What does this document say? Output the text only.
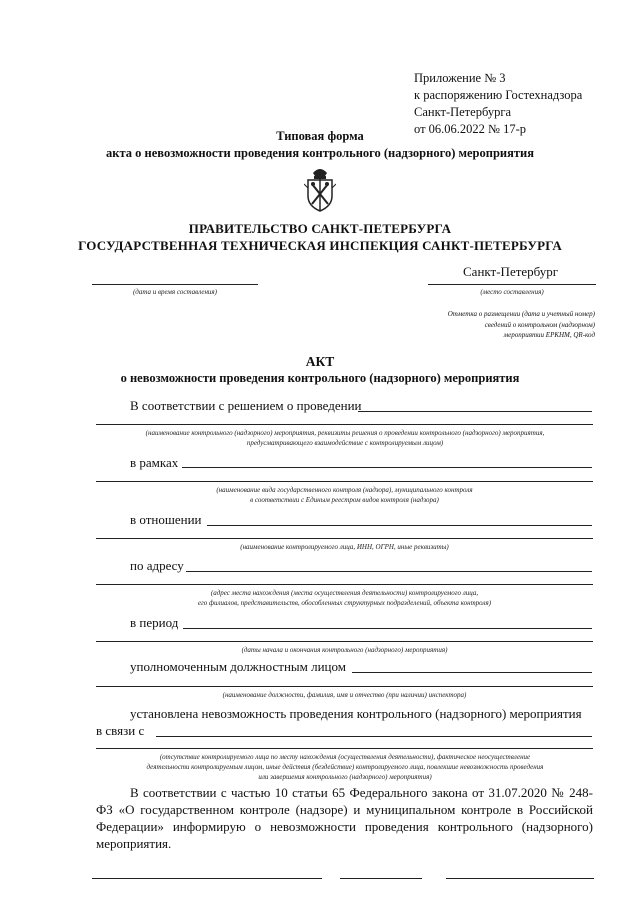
Приложение № 3
к распоряжению Гостехнадзора
Санкт-Петербурга
от 06.06.2022 № 17-р
Типовая форма
акта о невозможности проведения контрольного (надзорного) мероприятия
ПРАВИТЕЛЬСТВО САНКТ-ПЕТЕРБУРГА
ГОСУДАРСТВЕННАЯ ТЕХНИЧЕСКАЯ ИНСПЕКЦИЯ САНКТ-ПЕТЕРБУРГА
(дата и время составления)
Санкт-Петербург
(место составления)
Отметка о размещении (дата и учетный номер)
сведений о контрольном (надзорном)
мероприятии ЕРКНМ, QR-код
АКТ
о невозможности проведения контрольного (надзорного) мероприятия
В соответствии с решением о проведении
(наименование контрольного (надзорного) мероприятия, реквизиты решения о проведении контрольного (надзорного) мероприятия,
предусматривающего взаимодействие с контролируемым лицом)
в рамках
(наименование вида государственного контроля (надзора), муниципального контроля
в соответствии с Единым реестром видов контроля (надзора)
в отношении
(наименование контролируемого лица, ИНН, ОГРН, иные реквизиты)
по адресу
(адрес места нахождения (места осуществления деятельности) контролируемого лица,
его филиалов, представительств, обособленных структурных подразделений, объекта контроля)
в период
(даты начала и окончания контрольного (надзорного) мероприятия)
уполномоченным должностным лицом
(наименование должности, фамилия, имя и отчество (при наличии) инспектора)
установлена невозможность проведения контрольного (надзорного) мероприятия
в связи с
(отсутствие контролируемого лица по месту нахождения (осуществления деятельности), фактическое неосуществление
деятельности контролируемым лицом, иные действия (бездействие) контролируемого лица, повлекшие невозможность проведения
или завершения контрольного (надзорного) мероприятия)
В соответствии с частью 10 статьи 65 Федерального закона от 31.07.2020 № 248-ФЗ «О государственном контроле (надзоре) и муниципальном контроле в Российской Федерации» информирую о невозможности проведения контрольного (надзорного) мероприятия.
